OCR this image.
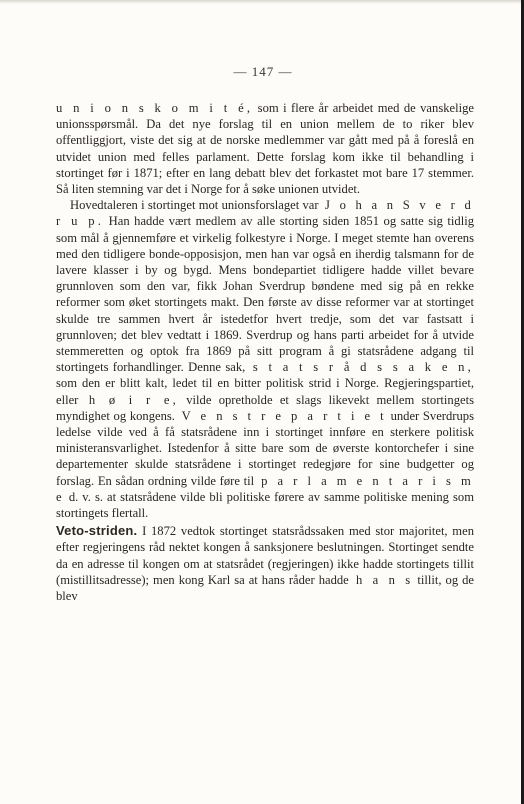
— 147 —

u n i o n s k o m i t é, som i flere år arbeidet med de vanskelige unionsspørsmål. Da det nye forslag til en union mellem de to riker blev offentliggjort, viste det sig at de norske medlemmer var gått med på å foreslå en utvidet union med felles parlament. Dette forslag kom ikke til behandling i stortinget før i 1871; efter en lang debatt blev det forkastet mot bare 17 stemmer. Så liten stemning var det i Norge for å søke unionen utvidet.

Hovedtaleren i stortinget mot unionsforslaget var J o h a n S v e r d r u p. Han hadde vært medlem av alle storting siden 1851 og satte sig tidlig som mål å gjennemføre et virkelig folkestyre i Norge. I meget stemte han overens med den tidligere bonde-opposisjon, men han var også en iherdig talsmann for de lavere klasser i by og bygd. Mens bondepartiet tidligere hadde villet bevare grunnloven som den var, fikk Johan Sverdrup bøndene med sig på en rekke reformer som øket stortingets makt. Den første av disse reformer var at stortinget skulde tre sammen hvert år istedetfor hvert tredje, som det var fastsatt i grunnloven; det blev vedtatt i 1869. Sverdrup og hans parti arbeidet for å utvide stemmeretten og optok fra 1869 på sitt program å gi statsrådene adgang til stortingets forhandlinger. Denne sak, s t a t s r å d s s a k e n, som den er blitt kalt, ledet til en bitter politisk strid i Norge. Regjeringspartiet, eller h ø i r e, vilde opretholde et slags likevekt mellem stortingets myndighet og kongens. V e n s t r e p a r t i e t under Sverdrups ledelse vilde ved å få statsrådene inn i stortinget innføre en sterkere politisk ministeransvarlighet. Istedenfor å sitte bare som de øverste kontorchefer i sine departementer skulde statsrådene i stortinget redegjøre for sine budgetter og forslag. En sådan ordning vilde føre til p a r l a m e n t a r i s m e d. v. s. at statsrådene vilde bli politiske førere av samme politiske mening som stortingets flertall.

Veto-striden. I 1872 vedtok stortinget statsrådssaken med stor majoritet, men efter regjeringens råd nektet kongen å sanksjonere beslutningen. Stortinget sendte da en adresse til kongen om at statsrådet (regjeringen) ikke hadde stortingets tillit (mistillitsadresse); men kong Karl sa at hans råder hadde h a n s tillit, og de blev
